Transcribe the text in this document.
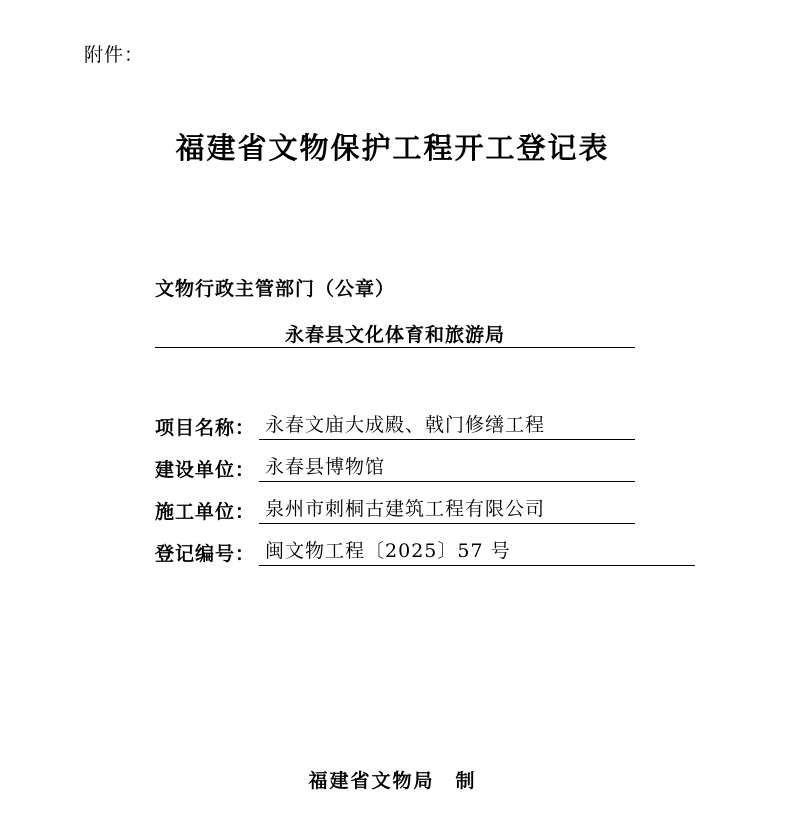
附件：
福建省文物保护工程开工登记表
文物行政主管部门（公章）
永春县文化体育和旅游局
项目名称： 永春文庙大成殿、戟门修缮工程
建设单位： 永春县博物馆
施工单位： 泉州市刺桐古建筑工程有限公司
登记编号： 闽文物工程〔2025〕57 号
福建省文物局　制
